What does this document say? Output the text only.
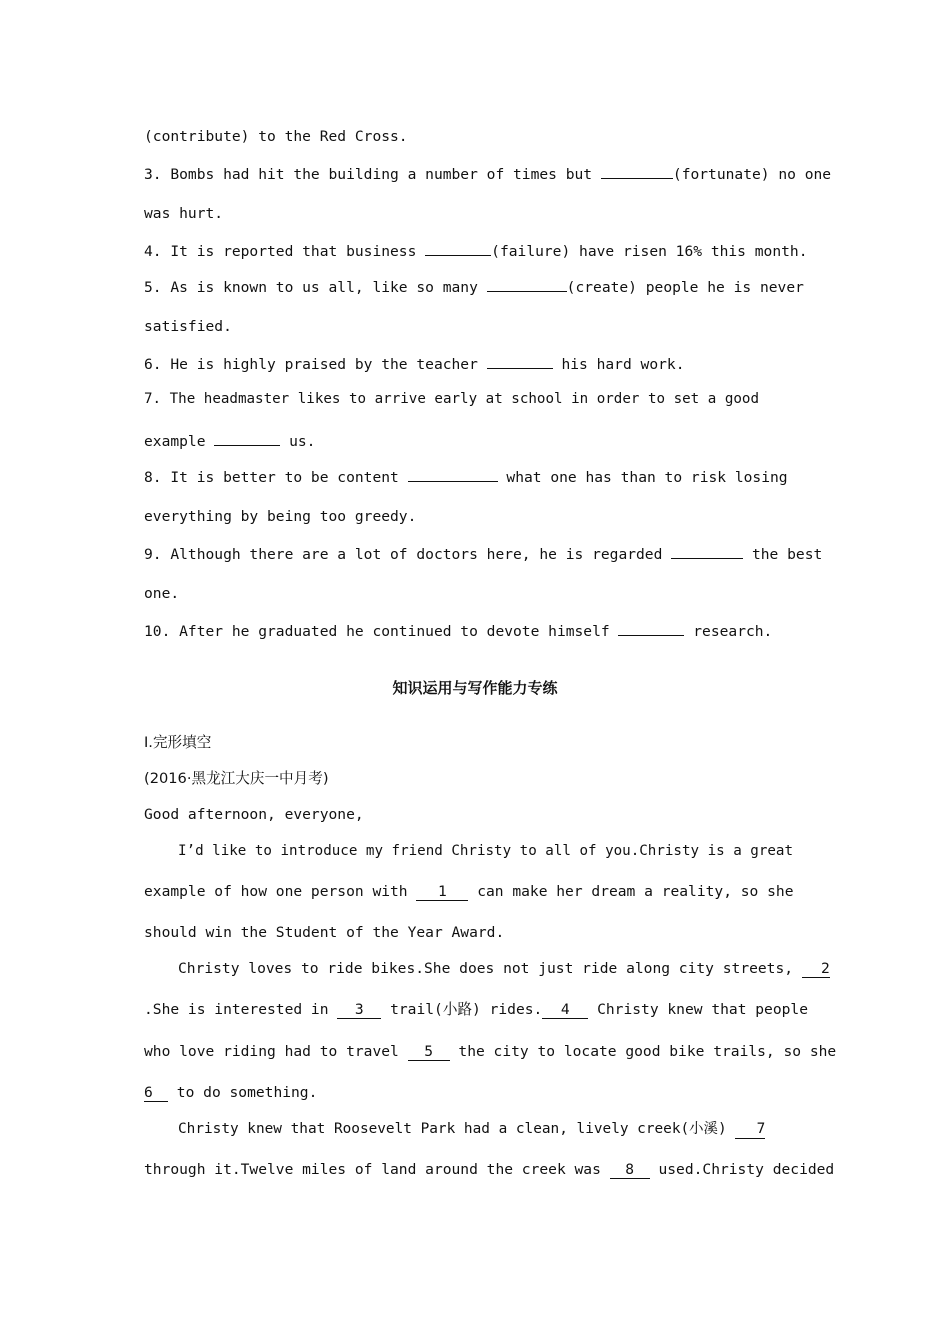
(contribute) to the Red Cross.
3. Bombs had hit the building a number of times but	(fortunate) no one
was hurt.
4. It is reported that business	(failure) have risen 16% this month.
5. As is known to us all, like so many	(create) people he is never
satisfied.
6. He is highly praised by the teacher	his hard work.
7. The headmaster likes to arrive early at school in order to set a good
example	us.
8. It is better to be content	what one has than to risk losing
everything by being too greedy.
9. Although there are a lot of doctors here, he is regarded	the best
one.
10. After he graduated he continued to devote himself	research.
知识运用与写作能力专练
Ⅰ.完形填空
(2016·黑龙江大庆一中月考)
Good afternoon, everyone,
I’d like to introduce my friend Christy to all of you.Christy is a great
example of how one person with 1 can make her dream a reality, so she
should win the Student of the Year Award.
Christy loves to ride bikes.She does not just ride along city streets, 2
.She is interested in 3 trail(小路) rides. 4 Christy knew that people
who love riding had to travel 5 the city to locate good bike trails, so she
6 to do something.
Christy knew that Roosevelt Park had a clean, lively creek(小溪) 7
through it.Twelve miles of land around the creek was 8 used.Christy decided
